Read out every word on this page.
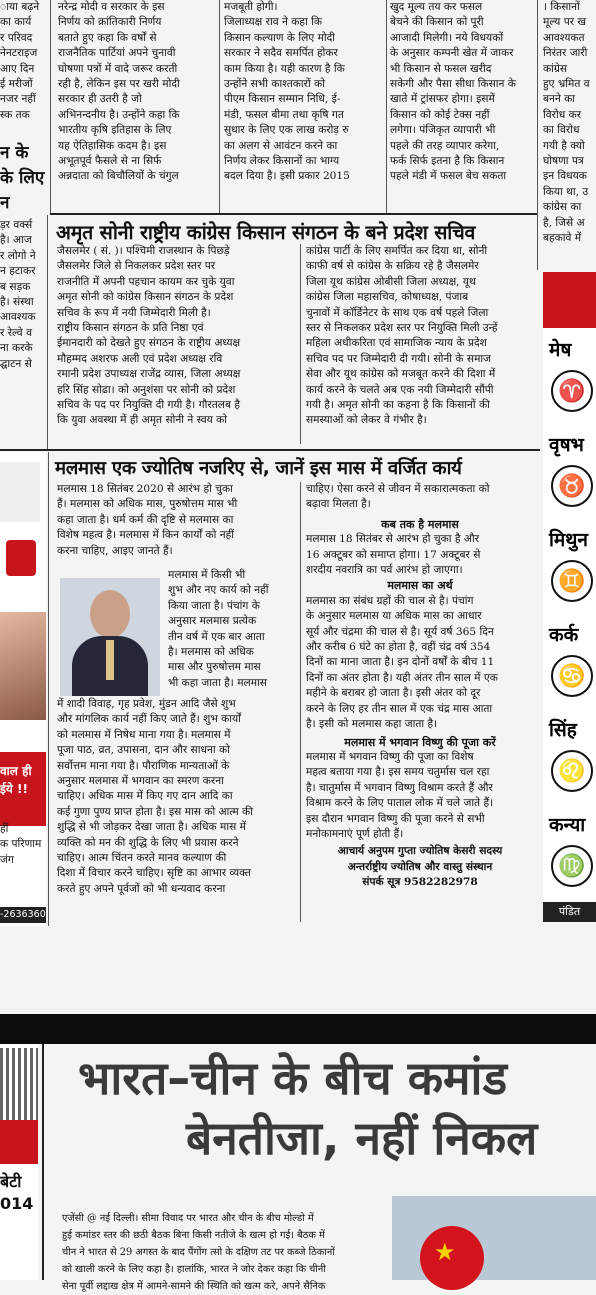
ाया बढ़ने
का कार्य
र परिवद
नेनटराइज
आए दिन
ई मरीजों
नजर नहीं
स्क तक
न के
के लिए
न
नरेन्द्र मोदी व सरकार के इस
निर्णय को क्रांतिकारी निर्णय
बताते हुए कहा कि वर्षों से
राजनैतिक पार्टियां अपने चुनावी
घोषणा पत्रों में वादे जरूर करती
रही है, लेकिन इस पर खरी मोदी
सरकार ही उतरी है जो
अभिनन्दनीय है। उन्होंने कहा कि
भारतीय कृषि इतिहास के लिए
यह ऐतिहासिक कदम है। इस
अभूतपूर्व फैसले से ना सिर्फ
अन्नदाता को बिचौलियों के चंगुल
मजबूती होगी।
जिलाध्यक्ष राव ने कहा कि
किसान कल्याण के लिए मोदी
सरकार ने सदैव समर्पित होकर
काम किया है। यही कारण है कि
उन्होंने सभी काश्तकारों को
पीएम किसान सम्मान निधि, ई-
मंडी, फसल बीमा तथा कृषि गत
सुधार के लिए एक लाख करोड़ रु
का अलग से आवंटन करने का
निर्णय लेकर किसानों का भाग्य
बदल दिया है। इसी प्रकार 2015
खुद मूल्य तय कर फसल
बेचने की किसान को पूरी
आजादी मिलेगी। नये विधयकों
के अनुसार कम्पनी खेत में जाकर
भी किसान से फसल खरीद
सकेगी और पैसा सीधा किसान के
खाते में ट्रांसफर होगा। इसमें
किसान को कोई टेक्स नहीं
लगेगा। पंजिकृत व्यापारी भी
पहले की तरह व्यापार करेगा,
फर्क सिर्फ इतना है कि किसान
पहले मंडी में फसल बेच सकता
। किसानों
मूल्य पर ख
आवश्यकत
निरंतर जारी
कांग्रेस
हुए भ्रमित व
बनने का
विरोध कर
का विरोध
गयी है क्यो
घोषणा पत्र
इन विधयक
किया था, उ
कांग्रेस का
है, जिसे अ
बहकावे में
ड़र वर्क्स
है। आज
र लोगो ने
न हटाकर
ब सड़क
है। संस्था
आवश्यक
र रेल्वे व
ना करके
द्घाटन से
अमृत सोनी राष्ट्रीय कांग्रेस किसान संगठन के बने प्रदेश सचिव
जैसलमेर ( सं. )। पश्चिमी राजस्थान के पिछड़े
जैसलमेर जिले से निकलकर प्रदेश स्तर पर
राजनीति में अपनी पहचान कायम कर चुके युवा
अमृत सोनी को कांग्रेस किसान संगठन के प्रदेश
सचिव के रूप में नयी जिम्मेदारी मिली है।
राष्ट्रीय किसान संगठन के प्रति निष्ठा एवं
ईमानदारी को देखते हुए संगठन के राष्ट्रीय अध्यक्ष
मौहम्मद अशरफ अली एवं प्रदेश अध्यक्ष रवि
रमानी प्रदेश उपाध्यक्ष राजेंद्र व्यास, जिला अध्यक्ष
हरि सिंह सोढा। को अनुशंसा पर सोनी को प्रदेश
सचिव के पद पर नियुक्ति दी गयी है। गौरतलब है
कि युवा अवस्था में ही अमृत सोनी ने स्वय को
कांग्रेस पार्टी के लिए समर्पित कर दिया था, सोनी
काफी वर्ष से कांग्रेस के सक्रिय रहे है जैसलमेर
जिला यूथ कांग्रेस ओबीसी जिला अध्यक्ष, यूथ
कांग्रेस जिला महासचिव, कोषाध्यक्ष, पंजाब
चुनावों में कॉर्डिनेटर के साथ एक वर्ष पहले जिला
स्तर से निकलकर प्रदेश स्तर पर नियुक्ति मिली उन्हें
महिला अधीकरिता एवं सामाजिक न्याय के प्रदेश
सचिव पद पर जिम्मेदारी दी गयी। सोनी के समाज
सेवा और यूथ कांग्रेस को मजबूत करने की दिशा में
कार्य करने के चलते अब एक नयी जिम्मेदारी सौंपी
गयी है। अमृत सोनी का कहना है कि किसानों की
समस्याओं को लेकर वे गंभीर है।
मेष
♈
वृषभ
♉
मिथुन
♊
कर्क
♋
सिंह
♌
कन्या
♍
पंडित
वाल ही
ईये !!
हीं
क परिणाम
जंग
-2636360
मलमास एक ज्योतिष नजरिए से, जानें इस मास में वर्जित कार्य
मलमास 18 सितंबर 2020 से आरंभ हो चुका
हैं। मलमास को अधिक मास, पुरुषोत्तम मास भी
कहा जाता है। धर्म कर्म की दृष्टि से मलमास का
विशेष महत्व है। मलमास में किन कार्यों को नहीं
करना चाहिए, आइए जानते हैं।
मलमास में किसी भी
शुभ और नए कार्य को नहीं
किया जाता है। पंचांग के
अनुसार मलमास प्रत्येक
तीन वर्ष में एक बार आता
है। मलमास को अधिक
मास और पुरुषोत्तम मास
भी कहा जाता है। मलमास
में शादी विवाह, गृह प्रवेश, मुंडन आदि जैसे शुभ
और मांगलिक कार्य नहीं किए जाते हैं। शुभ कार्यों
को मलमास में निषेध माना गया है। मलमास में
पूजा पाठ, व्रत, उपासना, दान और साधना को
सर्वोत्तम माना गया है। पौराणिक मान्यताओं के
अनुसार मलमास में भगवान का स्मरण करना
चाहिए। अधिक मास में किए गए दान आदि का
कई गुणा पुण्य प्राप्त होता है। इस मास को आत्म की
शुद्धि से भी जोड़कर देखा जाता है। अधिक मास में
व्यक्ति को मन की शुद्धि के लिए भी प्रयास करने
चाहिए। आत्म चिंतन करते मानव कल्याण की
दिशा में विचार करने चाहिए। सृष्टि का आभार व्यक्त
करते हुए अपने पूर्वजों को भी धन्यवाद करना
चाहिए। ऐसा करने से जीवन में सकारात्मकता को
बढ़ावा मिलता है।
कब तक है मलमास
मलमास 18 सितंबर से आरंभ हो चुका है और
16 अक्टूबर को समाप्त होगा। 17 अक्टूबर से
शरदीय नवरात्रि का पर्व आरंभ हो जाएगा।
मलमास का अर्थ
मलमास का संबंध ग्रहों की चाल से है। पंचांग
के अनुसार मलमास या अधिक मास का आधार
सूर्य और चंद्रमा की चाल से है। सूर्य वर्ष 365 दिन
और करीब 6 घंटे का होता है, वहीं चंद्र वर्ष 354
दिनों का माना जाता है। इन दोनों वर्षों के बीच 11
दिनों का अंतर होता है। यही अंतर तीन साल में एक
महीने के बराबर हो जाता है। इसी अंतर को दूर
करने के लिए हर तीन साल में एक चंद्र मास आता
है। इसी को मलमास कहा जाता है।
मलमास में भगवान विष्णु की पूजा करें
मलमास में भगवान विष्णु की पूजा का विशेष
महत्व बताया गया है। इस समय चतुर्मास चल रहा
है। चातुर्मास में भगवान विष्णु विश्राम करते हैं और
विश्राम करने के लिए पाताल लोक में चले जाते हैं।
इस दौरान भगवान विष्णु की पूजा करने से सभी
मनोकामनाएं पूर्ण होती हैं।
आचार्य अनुपम गुप्ता ज्योतिष केसरी सदस्य
अन्तर्राष्ट्रीय ज्योतिष और वास्तु संस्थान
संपर्क सूत्र 9582282978
बेटी
014
भारत–चीन के बीच कमांड
बेनतीजा, नहीं निकल
एजेंसी @ नई दिल्ली। सीमा विवाद पर भारत और चीन के बीच मोल्डो में
हुई कमांडर स्तर की छठी बैठक बिना किसी नतीजे के खत्म हो गई। बैठक में
चीन ने भारत से 29 अगस्त के बाद पैंगोंग त्सो के दक्षिण तट पर कब्जे ठिकानों
को खाली करने के लिए कहा है। हालांकि, भारत ने जोर देकर कहा कि चीनी
सेना पूर्वी लद्दाख क्षेत्र में आमने-सामने की स्थिति को खत्म करे, अपने सैनिक
★
